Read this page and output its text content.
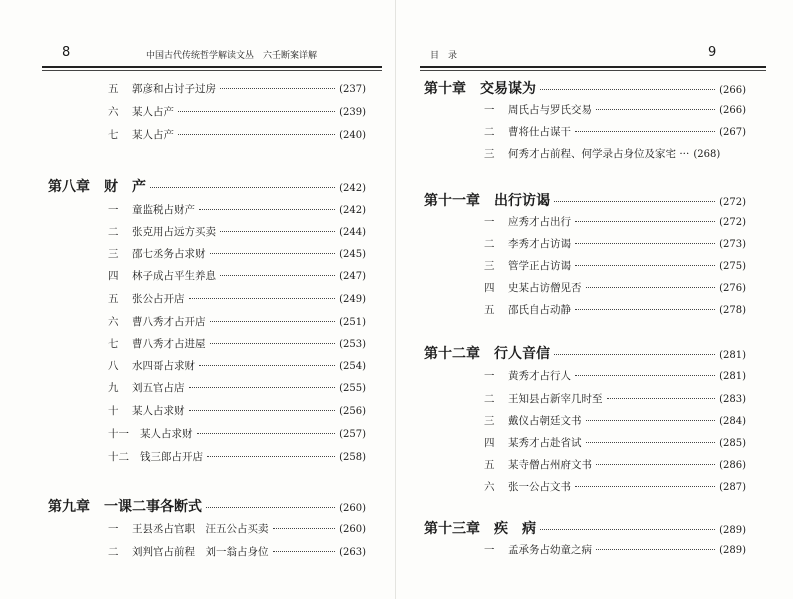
8	中国古代传统哲学解读文丛　六壬断案详解
五	郭彦和占讨子过房	(237)
六	某人占产	(239)
七	某人占产	(240)
第八章 财　产	(242)
一	童监税占财产	(242)
二	张克用占远方买卖	(244)
三	邵七丞务占求财	(245)
四	林子成占平生养息	(247)
五	张公占开店	(249)
六	曹八秀才占开店	(251)
七	曹八秀才占进屋	(253)
八	水四哥占求财	(254)
九	刘五官占店	(255)
十	某人占求财	(256)
十一	某人占求财	(257)
十二	钱三郎占开店	(258)
第九章 一课二事各断式	(260)
一	王县丞占官职　汪五公占买卖	(260)
二	刘判官占前程　刘一翁占身位	(263)
目　录	9
第十章 交易谋为	(266)
一	周氏占与罗氏交易	(266)
二	曹将仕占谋干	(267)
三	何秀才占前程、何学录占身位及家宅 ··· (268)
第十一章 出行访谒	(272)
一	应秀才占出行	(272)
二	李秀才占访谒	(273)
三	管学正占访谒	(275)
四	史某占访僧见否	(276)
五	邵氏自占动静	(278)
第十二章 行人音信	(281)
一	黄秀才占行人	(281)
二	王知县占新宰几时至	(283)
三	戴仪占朝廷文书	(284)
四	某秀才占赴省试	(285)
五	某寺僧占州府文书	(286)
六	张一公占文书	(287)
第十三章 疾　病	(289)
一	孟承务占幼童之病	(289)
